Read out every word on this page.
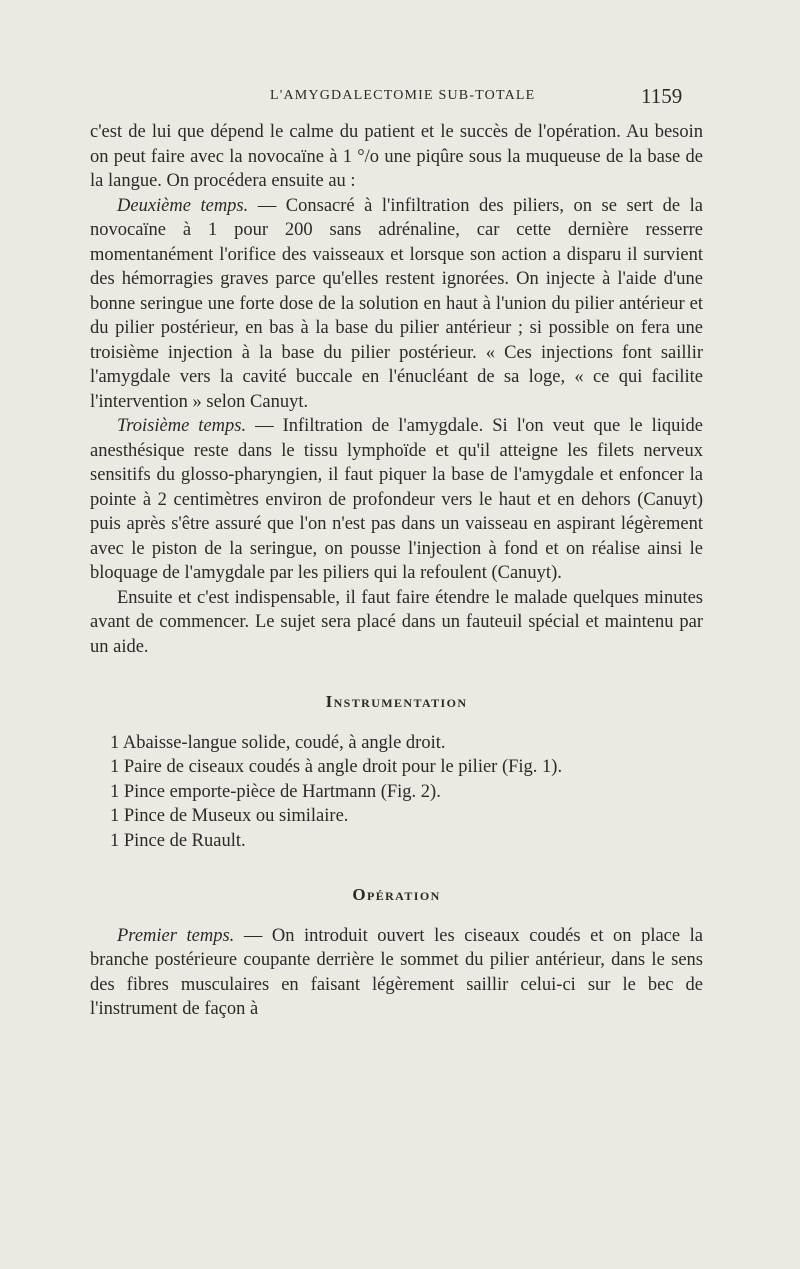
L'AMYGDALECTOMIE SUB-TOTALE	1159

c'est de lui que dépend le calme du patient et le succès de l'opération. Au besoin on peut faire avec la novocaïne à 1 °/o une piqûre sous la muqueuse de la base de la langue. On procédera ensuite au :

Deuxième temps. — Consacré à l'infiltration des piliers, on se sert de la novocaïne à 1 pour 200 sans adrénaline, car cette dernière resserre momentanément l'orifice des vaisseaux et lorsque son action a disparu il survient des hémorragies graves parce qu'elles restent ignorées. On injecte à l'aide d'une bonne seringue une forte dose de la solution en haut à l'union du pilier antérieur et du pilier postérieur, en bas à la base du pilier antérieur ; si possible on fera une troisième injection à la base du pilier postérieur. « Ces injections font saillir l'amygdale vers la cavité buccale en l'énucléant de sa loge, « ce qui facilite l'intervention » selon Canuyt.

Troisième temps. — Infiltration de l'amygdale. Si l'on veut que le liquide anesthésique reste dans le tissu lymphoïde et qu'il atteigne les filets nerveux sensitifs du glosso-pharyngien, il faut piquer la base de l'amygdale et enfoncer la pointe à 2 centimètres environ de profondeur vers le haut et en dehors (Canuyt) puis après s'être assuré que l'on n'est pas dans un vaisseau en aspirant légèrement avec le piston de la seringue, on pousse l'injection à fond et on réalise ainsi le bloquage de l'amygdale par les piliers qui la refoulent (Canuyt).

Ensuite et c'est indispensable, il faut faire étendre le malade quelques minutes avant de commencer. Le sujet sera placé dans un fauteuil spécial et maintenu par un aide.

Instrumentation
1 Abaisse-langue solide, coudé, à angle droit.
1 Paire de ciseaux coudés à angle droit pour le pilier (Fig. 1).
1 Pince emporte-pièce de Hartmann (Fig. 2).
1 Pince de Museux ou similaire.
1 Pince de Ruault.
Opération

Premier temps. — On introduit ouvert les ciseaux coudés et on place la branche postérieure coupante derrière le sommet du pilier antérieur, dans le sens des fibres musculaires en faisant légèrement saillir celui-ci sur le bec de l'instrument de façon à
